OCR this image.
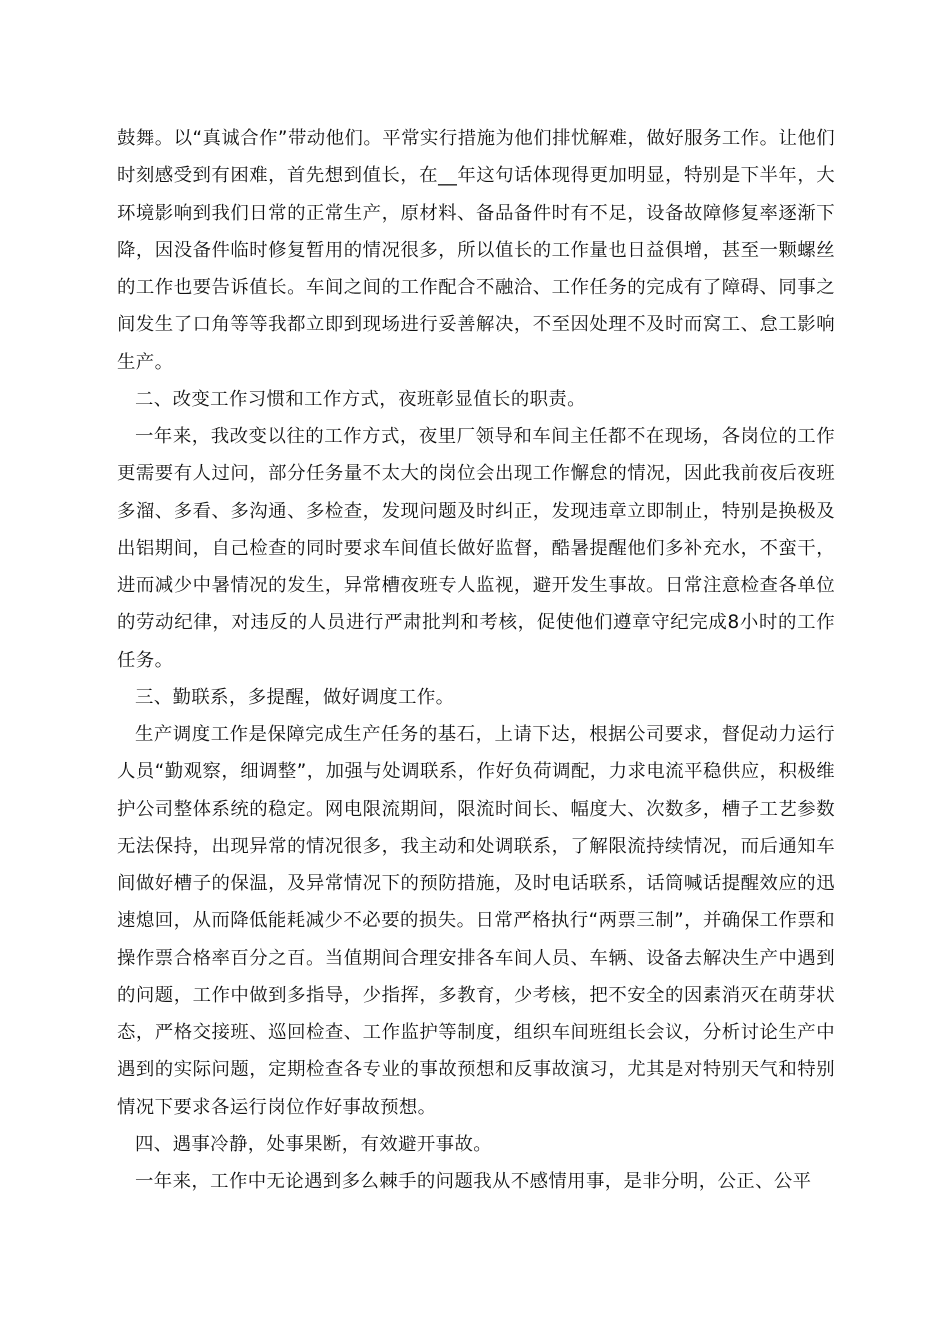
鼓舞。以“真诚合作”带动他们。平常实行措施为他们排忧解难，做好服务工作。让他们时刻感受到有困难，首先想到值长，在__年这句话体现得更加明显，特别是下半年，大环境影响到我们日常的正常生产，原材料、备品备件时有不足，设备故障修复率逐渐下降，因没备件临时修复暂用的情况很多，所以值长的工作量也日益俱增，甚至一颗螺丝的工作也要告诉值长。车间之间的工作配合不融洽、工作任务的完成有了障碍、同事之间发生了口角等等我都立即到现场进行妥善解决，不至因处理不及时而窝工、怠工影响生产。

二、改变工作习惯和工作方式，夜班彰显值长的职责。

一年来，我改变以往的工作方式，夜里厂领导和车间主任都不在现场，各岗位的工作更需要有人过问，部分任务量不太大的岗位会出现工作懈怠的情况，因此我前夜后夜班多溜、多看、多沟通、多检查，发现问题及时纠正，发现违章立即制止，特别是换极及出铝期间，自己检查的同时要求车间值长做好监督，酷暑提醒他们多补充水，不蛮干，进而减少中暑情况的发生，异常槽夜班专人监视，避开发生事故。日常注意检查各单位的劳动纪律，对违反的人员进行严肃批判和考核，促使他们遵章守纪完成8小时的工作任务。

三、勤联系，多提醒，做好调度工作。

生产调度工作是保障完成生产任务的基石，上请下达，根据公司要求，督促动力运行人员“勤观察，细调整”，加强与处调联系，作好负荷调配，力求电流平稳供应，积极维护公司整体系统的稳定。网电限流期间，限流时间长、幅度大、次数多，槽子工艺参数无法保持，出现异常的情况很多，我主动和处调联系，了解限流持续情况，而后通知车间做好槽子的保温，及异常情况下的预防措施，及时电话联系，话筒喊话提醒效应的迅速熄回，从而降低能耗减少不必要的损失。日常严格执行“两票三制”，并确保工作票和操作票合格率百分之百。当值期间合理安排各车间人员、车辆、设备去解决生产中遇到的问题，工作中做到多指导，少指挥，多教育，少考核，把不安全的因素消灭在萌芽状态，严格交接班、巡回检查、工作监护等制度，组织车间班组长会议，分析讨论生产中遇到的实际问题，定期检查各专业的事故预想和反事故演习，尤其是对特别天气和特别情况下要求各运行岗位作好事故预想。

四、遇事冷静，处事果断，有效避开事故。

一年来，工作中无论遇到多么棘手的问题我从不感情用事，是非分明，公正、公平
